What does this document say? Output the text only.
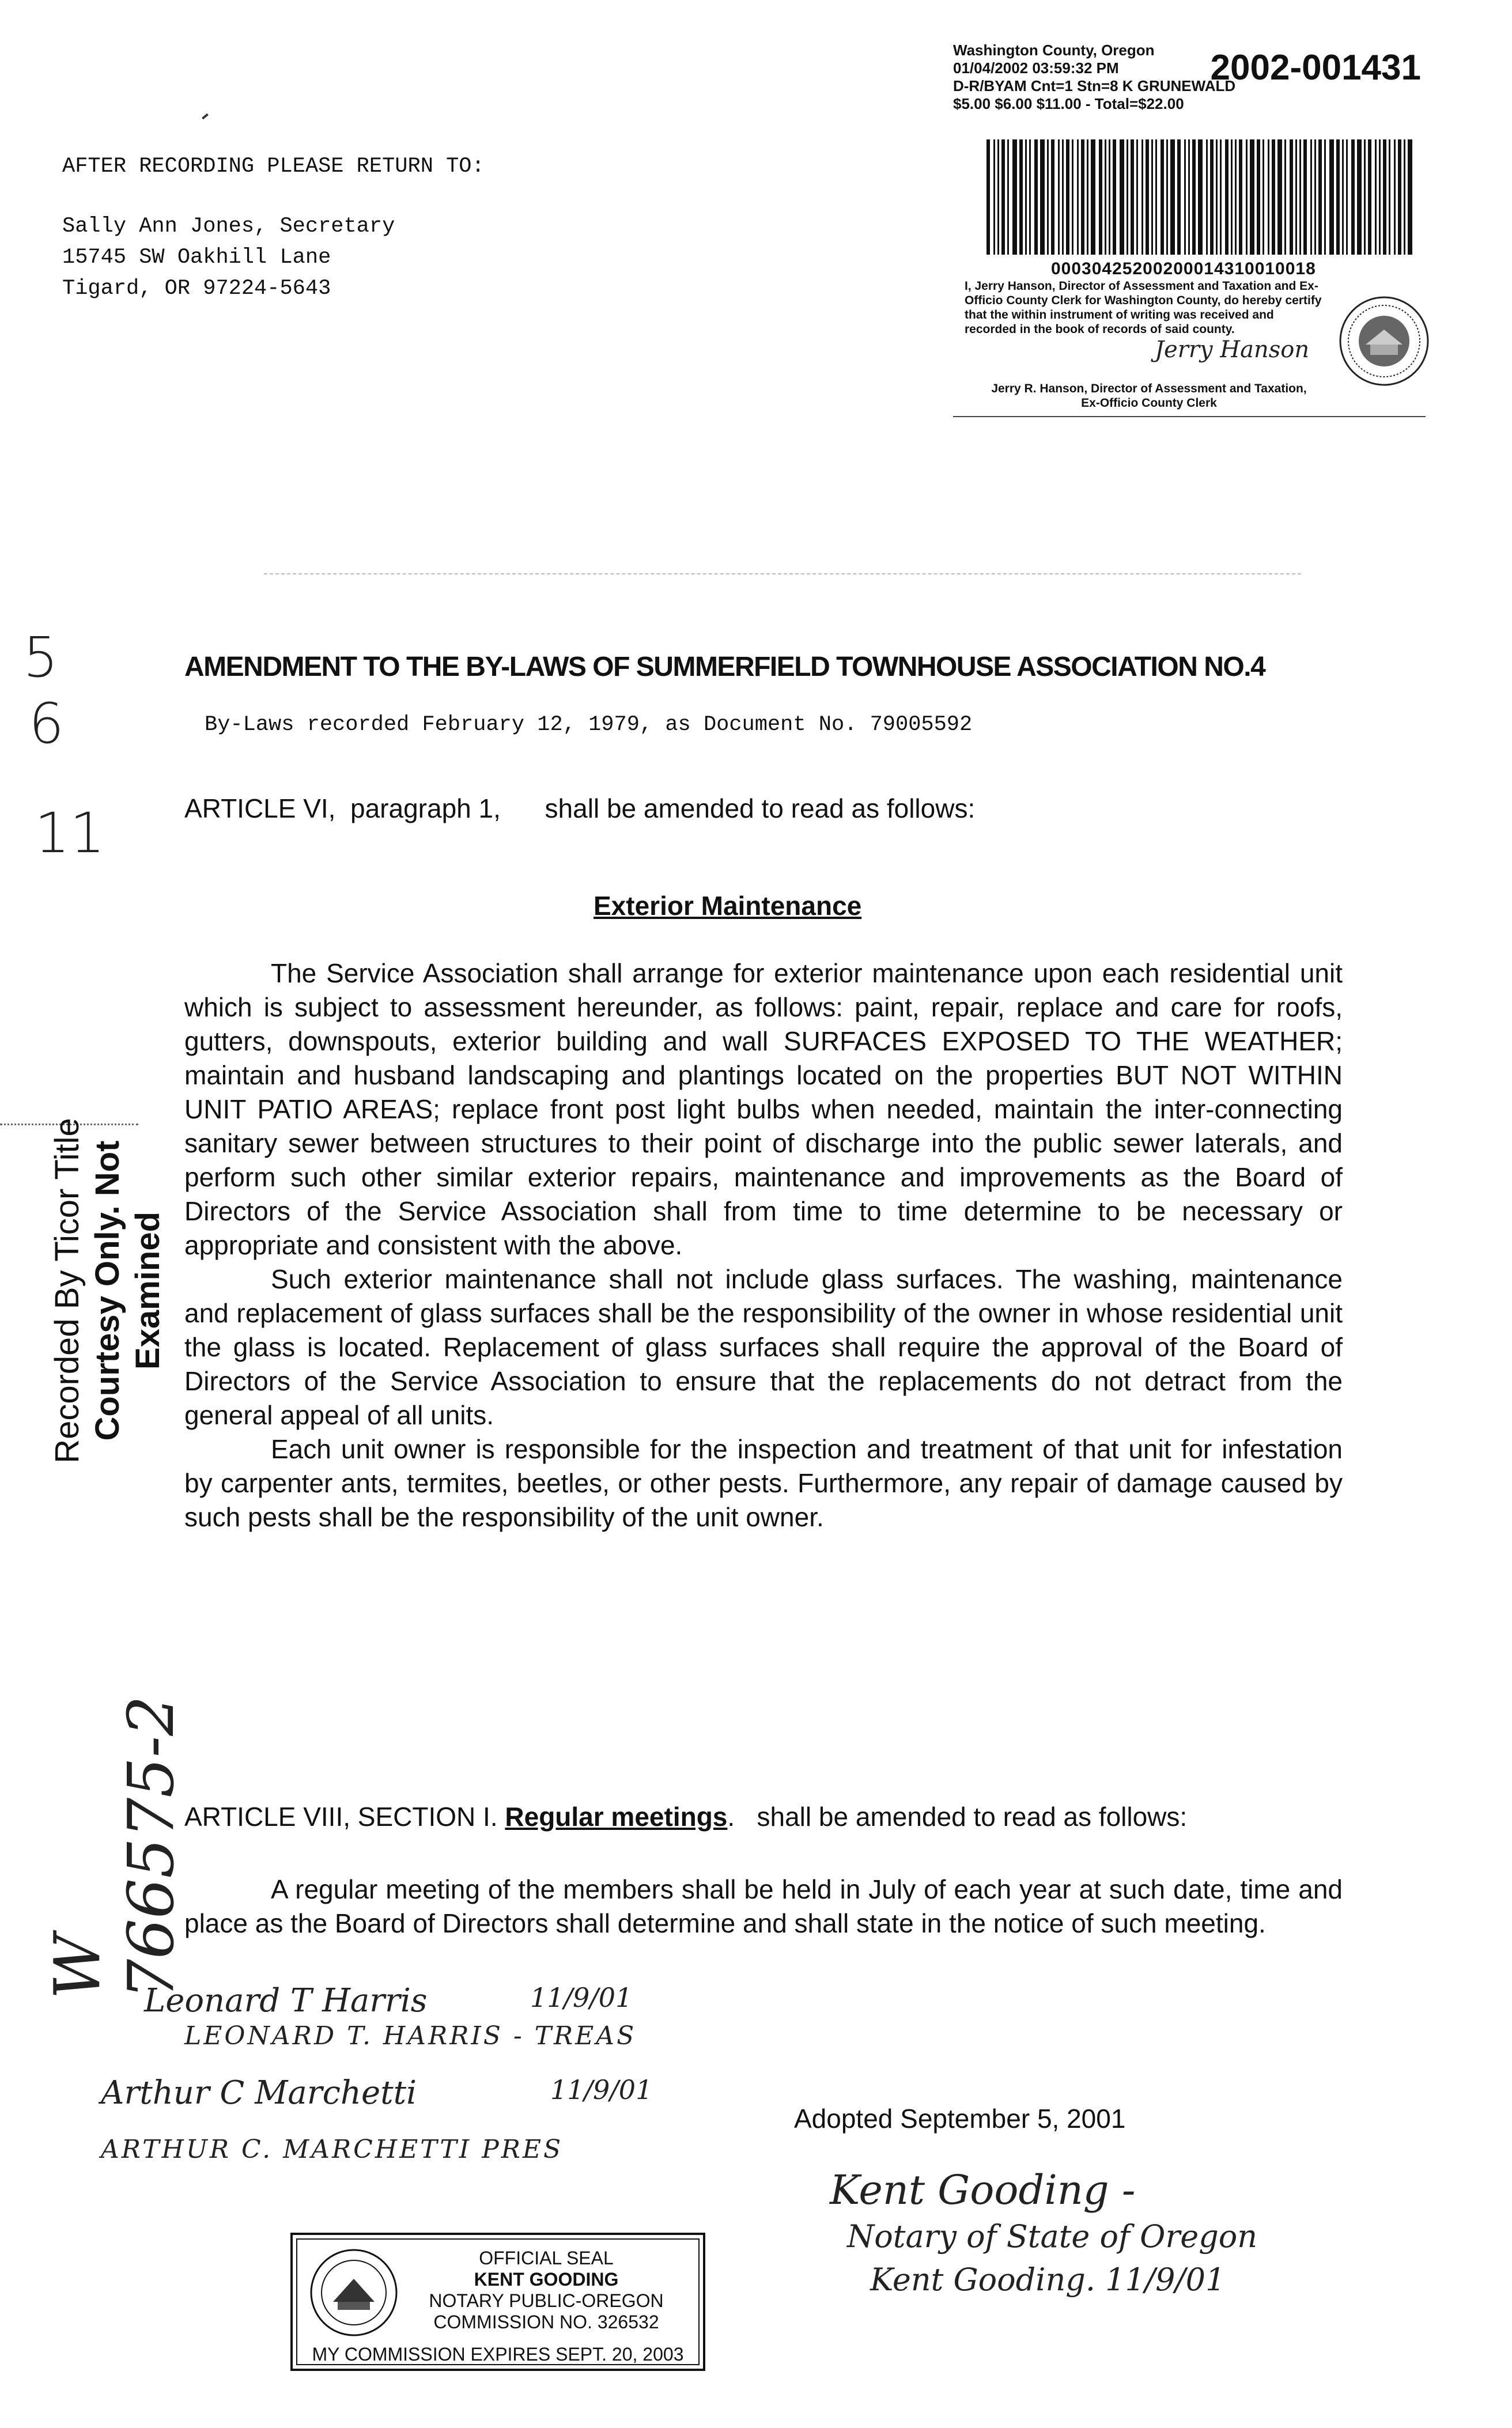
AFTER RECORDING PLEASE RETURN TO:
Sally Ann Jones, Secretary
15745 SW Oakhill Lane
Tigard, OR 97224-5643
Washington County, Oregon
01/04/2002 03:59:32 PM
D-R/BYAM Cnt=1 Stn=8 K GRUNEWALD
$5.00 $6.00 $11.00 - Total=$22.00
2002-001431
00030425200200014310010018
I, Jerry Hanson, Director of Assessment and Taxation and Ex-Officio County Clerk for Washington County, do hereby certify that the within instrument of writing was received and recorded in the book of records of said county.
Jerry Hanson
Jerry R. Hanson, Director of Assessment and Taxation,
Ex-Officio County Clerk
5
6
11
Recorded By Ticor Title Courtesy Only. Not Examined
W 766575-2
AMENDMENT TO THE BY-LAWS OF SUMMERFIELD TOWNHOUSE ASSOCIATION NO.4
By-Laws recorded February 12, 1979, as Document No. 79005592
ARTICLE VI,  paragraph 1,      shall be amended to read as follows:
Exterior Maintenance

The Service Association shall arrange for exterior maintenance upon each residential unit which is subject to assessment hereunder, as follows: paint, repair, replace and care for roofs, gutters, downspouts, exterior building and wall SURFACES EXPOSED TO THE WEATHER; maintain and husband landscaping and plantings located on the properties BUT NOT WITHIN UNIT PATIO AREAS; replace front post light bulbs when needed, maintain the inter-connecting sanitary sewer between structures to their point of discharge into the public sewer laterals, and perform such other similar exterior repairs, maintenance and improvements as the Board of Directors of the Service Association shall from time to time determine to be necessary or appropriate and consistent with the above.

Such exterior maintenance shall not include glass surfaces. The washing, maintenance and replacement of glass surfaces shall be the responsibility of the owner in whose residential unit the glass is located. Replacement of glass surfaces shall require the approval of the Board of Directors of the Service Association to ensure that the replacements do not detract from the general appeal of all units.

Each unit owner is responsible for the inspection and treatment of that unit for infestation by carpenter ants, termites, beetles, or other pests. Furthermore, any repair of damage caused by such pests shall be the responsibility of the unit owner.

ARTICLE VIII, SECTION I. Regular meetings.   shall be amended to read as follows:

A regular meeting of the members shall be held in July of each year at such date, time and place as the Board of Directors shall determine and shall state in the notice of such meeting.

Leonard T Harris	11/9/01
LEONARD T. HARRIS - TREAS
Arthur C Marchetti	11/9/01
ARTHUR C. MARCHETTI PRES
Adopted September 5, 2001
Kent Gooding -
Notary of State of Oregon
Kent Gooding. 11/9/01
OFFICIAL SEAL
KENT GOODING
NOTARY PUBLIC-OREGON
COMMISSION NO. 326532
MY COMMISSION EXPIRES SEPT. 20, 2003
